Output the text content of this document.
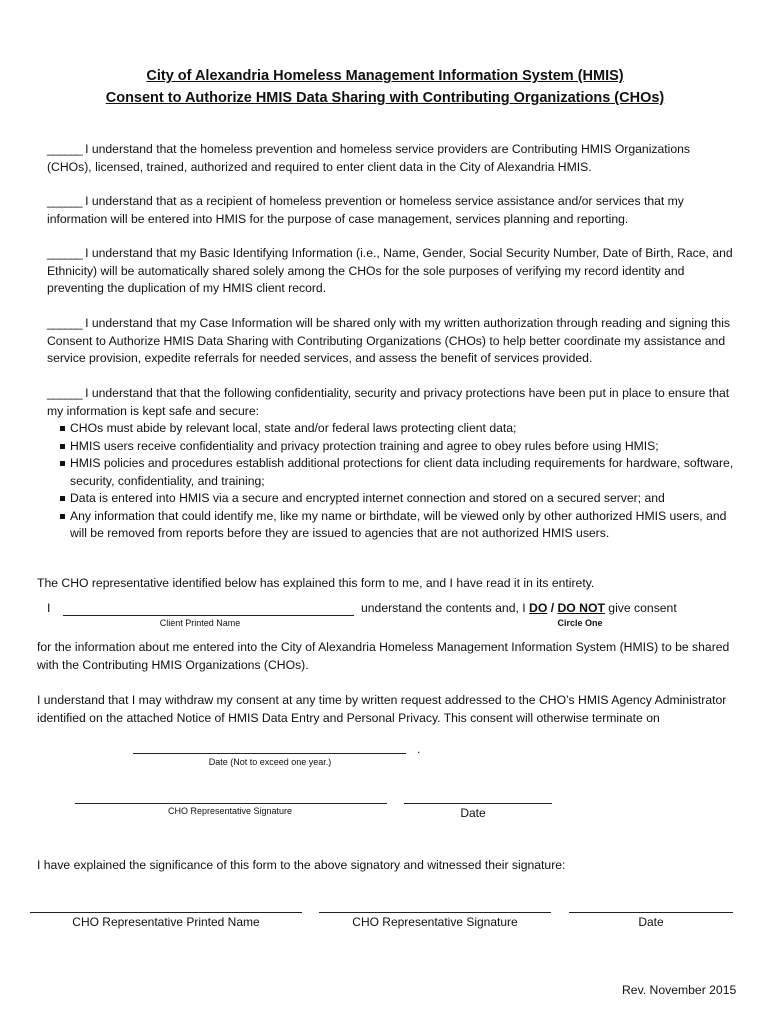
City of Alexandria Homeless Management Information System (HMIS)
Consent to Authorize HMIS Data Sharing with Contributing Organizations (CHOs)
______ I understand that the homeless prevention and homeless service providers are Contributing HMIS Organizations (CHOs), licensed, trained, authorized and required to enter client data in the City of Alexandria HMIS.
______ I understand that as a recipient of homeless prevention or homeless service assistance and/or services that my information will be entered into HMIS for the purpose of case management, services planning and reporting.
______ I understand that my Basic Identifying Information (i.e., Name, Gender, Social Security Number, Date of Birth, Race, and Ethnicity) will be automatically shared solely among the CHOs for the sole purposes of verifying my record identity and preventing the duplication of my HMIS client record.
______ I understand that my Case Information will be shared only with my written authorization through reading and signing this Consent to Authorize HMIS Data Sharing with Contributing Organizations (CHOs) to help better coordinate my assistance and service provision, expedite referrals for needed services, and assess the benefit of services provided.
______ I understand that that the following confidentiality, security and privacy protections have been put in place to ensure that my information is kept safe and secure:
CHOs must abide by relevant local, state and/or federal laws protecting client data;
HMIS users receive confidentiality and privacy protection training and agree to obey rules before using HMIS;
HMIS policies and procedures establish additional protections for client data including requirements for hardware, software, security, confidentiality, and training;
Data is entered into HMIS via a secure and encrypted internet connection and stored on a secured server; and
Any information that could identify me, like my name or birthdate, will be viewed only by other authorized HMIS users, and will be removed from reports before they are issued to agencies that are not authorized HMIS users.
The CHO representative identified below has explained this form to me, and I have read it in its entirety.
I	understand the contents and, I DO / DO NOT give consent
Client Printed Name	Circle One
for the information about me entered into the City of Alexandria Homeless Management Information System (HMIS) to be shared with the Contributing HMIS Organizations (CHOs).
I understand that I may withdraw my consent at any time by written request addressed to the CHO’s HMIS Agency Administrator identified on the attached Notice of HMIS Data Entry and Personal Privacy. This consent will otherwise terminate on
.
Date (Not to exceed one year.)
CHO Representative Signature	Date
I have explained the significance of this form to the above signatory and witnessed their signature:
CHO Representative Printed Name	CHO Representative Signature	Date
Rev. November 2015
